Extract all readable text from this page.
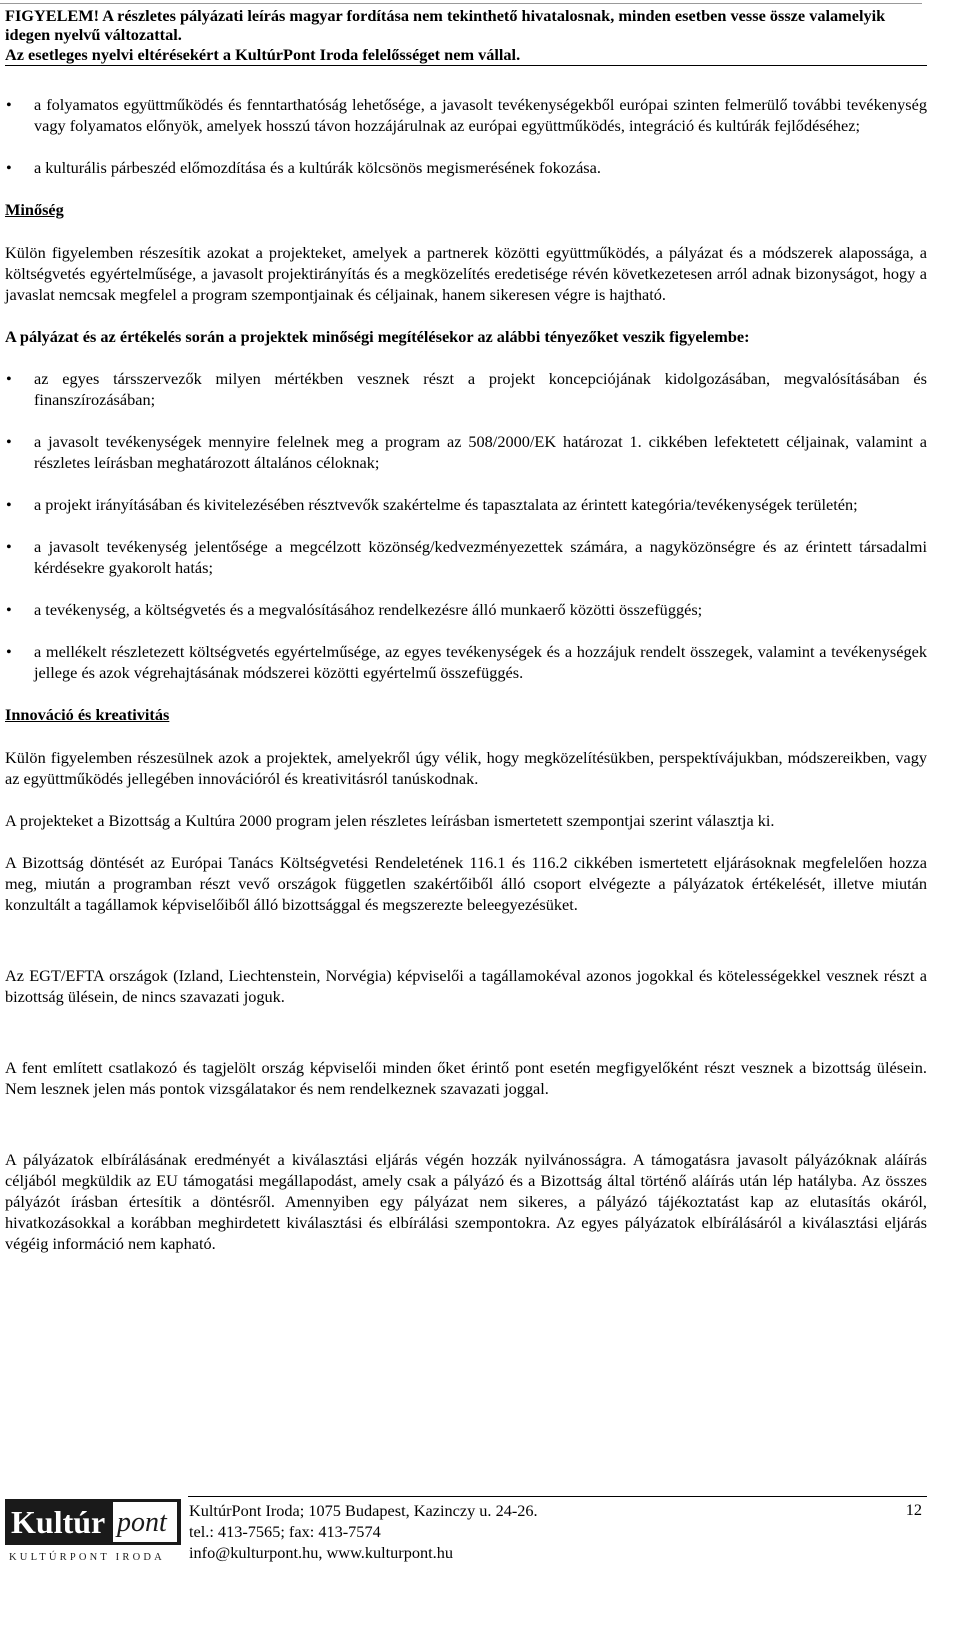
FIGYELEM! A részletes pályázati leírás magyar fordítása nem tekinthető hivatalosnak, minden esetben vesse össze valamelyik idegen nyelvű változattal.
Az esetleges nyelvi eltérésekért a KultúrPont Iroda felelősséget nem vállal.
• a folyamatos együttműködés és fenntarthatóság lehetősége, a javasolt tevékenységekből európai szinten felmerülő további tevékenység vagy folyamatos előnyök, amelyek hosszú távon hozzájárulnak az európai együttműködés, integráció és kultúrák fejlődéséhez;
• a kulturális párbeszéd előmozdítása és a kultúrák kölcsönös megismerésének fokozása.
Minőség

Külön figyelemben részesítik azokat a projekteket, amelyek a partnerek közötti együttműködés, a pályázat és a módszerek alapossága, a költségvetés egyértelműsége, a javasolt projektirányítás és a megközelítés eredetisége révén következetesen arról adnak bizonyságot, hogy a javaslat nemcsak megfelel a program szempontjainak és céljainak, hanem sikeresen végre is hajtható.

A pályázat és az értékelés során a projektek minőségi megítélésekor az alábbi tényezőket veszik figyelembe:
• az egyes társszervezők milyen mértékben vesznek részt a projekt koncepciójának kidolgozásában, megvalósításában és finanszírozásában;
• a javasolt tevékenységek mennyire felelnek meg a program az 508/2000/EK határozat 1. cikkében lefektetett céljainak, valamint a részletes leírásban meghatározott általános céloknak;
• a projekt irányításában és kivitelezésében résztvevők szakértelme és tapasztalata az érintett kategória/tevékenységek területén;
• a javasolt tevékenység jelentősége a megcélzott közönség/kedvezményezettek számára, a nagyközönségre és az érintett társadalmi kérdésekre gyakorolt hatás;
• a tevékenység, a költségvetés és a megvalósításához rendelkezésre álló munkaerő közötti összefüggés;
• a mellékelt részletezett költségvetés egyértelműsége, az egyes tevékenységek és a hozzájuk rendelt összegek, valamint a tevékenységek jellege és azok végrehajtásának módszerei közötti egyértelmű összefüggés.
Innováció és kreativitás

Külön figyelemben részesülnek azok a projektek, amelyekről úgy vélik, hogy megközelítésükben, perspektívájukban, módszereikben, vagy az együttműködés jellegében innovációról és kreativitásról tanúskodnak.

A projekteket a Bizottság a Kultúra 2000 program jelen részletes leírásban ismertetett szempontjai szerint választja ki.

A Bizottság döntését az Európai Tanács Költségvetési Rendeletének 116.1 és 116.2 cikkében ismertetett eljárásoknak megfelelően hozza meg, miután a programban részt vevő országok független szakértőiből álló csoport elvégezte a pályázatok értékelését, illetve miután konzultált a tagállamok képviselőiből álló bizottsággal és megszerezte beleegyezésüket.

Az EGT/EFTA országok (Izland, Liechtenstein, Norvégia) képviselői a tagállamokéval azonos jogokkal és kötelességekkel vesznek részt a bizottság ülésein, de nincs szavazati joguk.

A fent említett csatlakozó és tagjelölt ország képviselői minden őket érintő pont esetén megfigyelőként részt vesznek a bizottság ülésein. Nem lesznek jelen más pontok vizsgálatakor és nem rendelkeznek szavazati joggal.

A pályázatok elbírálásának eredményét a kiválasztási eljárás végén hozzák nyilvánosságra. A támogatásra javasolt pályázóknak aláírás céljából megküldik az EU támogatási megállapodást, amely csak a pályázó és a Bizottság által történő aláírás után lép hatályba. Az összes pályázót írásban értesítik a döntésről. Amennyiben egy pályázat nem sikeres, a pályázó tájékoztatást kap az elutasítás okáról, hivatkozásokkal a korábban meghirdetett kiválasztási és elbírálási szempontokra. Az egyes pályázatok elbírálásáról a kiválasztási eljárás végéig információ nem kapható.

Kultúr pont
KULTÚRPONT IRODA
KultúrPont Iroda; 1075 Budapest, Kazinczy u. 24-26.
tel.: 413-7565; fax: 413-7574
info@kulturpont.hu, www.kulturpont.hu
12
